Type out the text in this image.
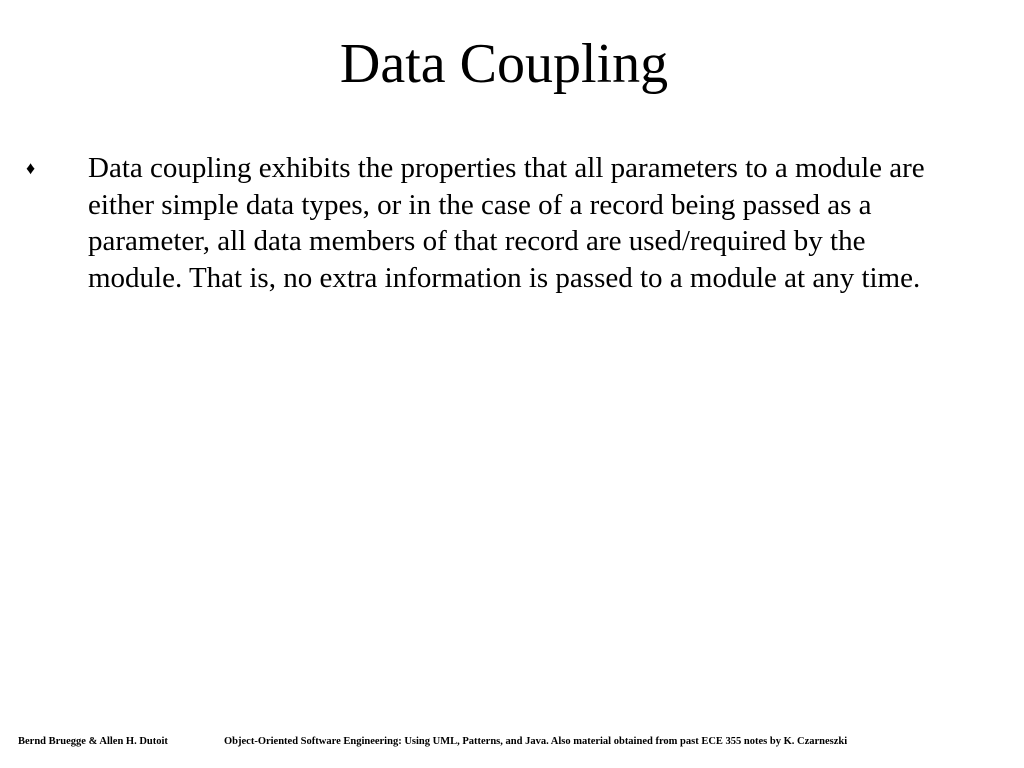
Data Coupling
♦	Data coupling exhibits the properties that all parameters to a module are either simple data types, or in the case of a record being passed as a parameter, all data members of that record are used/required by the module. That is, no extra information is passed to a module at any time.

Bernd Bruegge & Allen H. Dutoit	Object-Oriented Software Engineering: Using UML, Patterns, and Java. Also material obtained from past ECE 355 notes by K. Czarneszki
